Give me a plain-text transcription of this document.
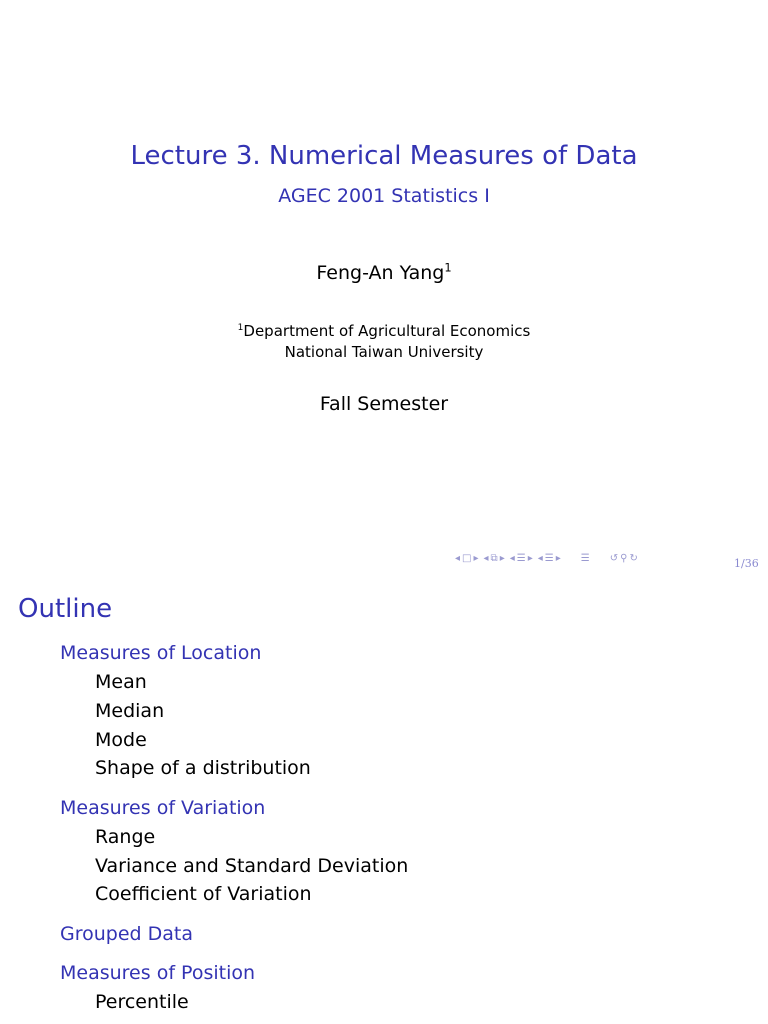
Lecture 3. Numerical Measures of Data
AGEC 2001 Statistics I
Feng-An Yang$^1$
$^1$Department of Agricultural Economics
National Taiwan University
Fall Semester
◂ □ ▸ ◂ ⧉ ▸ ◂ ☰ ▸ ◂ ☰ ▸ ☰ ↺ ⚲ ↻	1/36
Outline
Measures of Location
Mean
Median
Mode
Shape of a distribution
Measures of Variation
Range
Variance and Standard Deviation
Coefficient of Variation
Grouped Data
Measures of Position
Percentile
